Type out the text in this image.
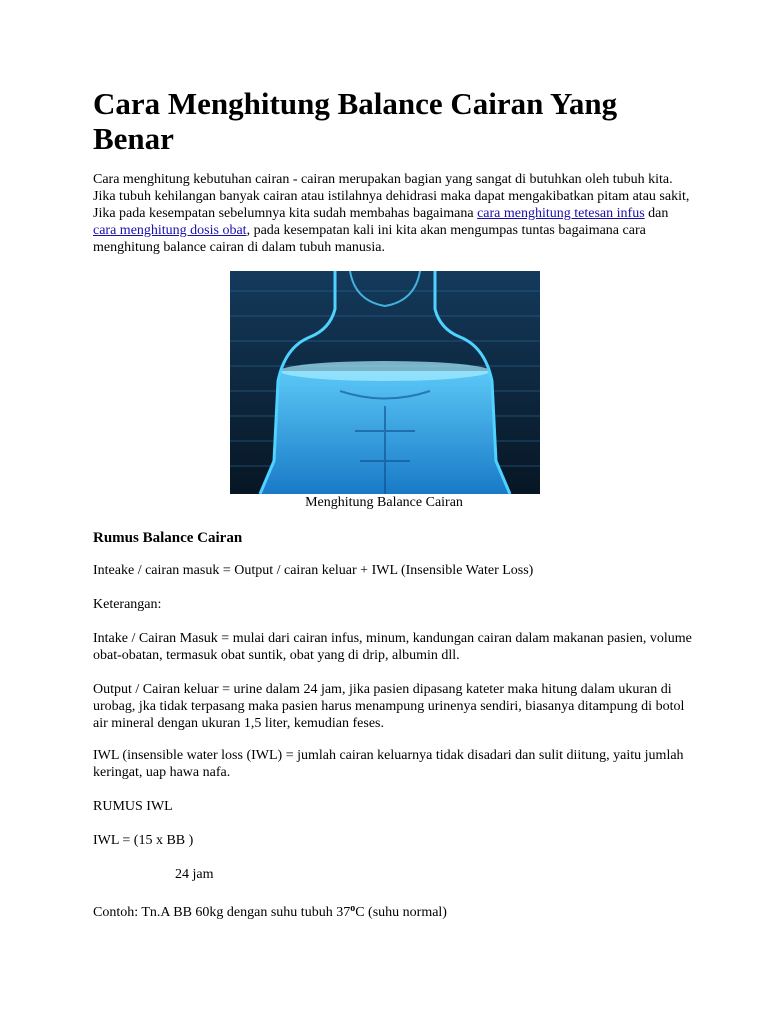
Cara Menghitung Balance Cairan Yang Benar

Cara menghitung kebutuhan cairan - cairan merupakan bagian yang sangat di butuhkan oleh tubuh kita. Jika tubuh kehilangan banyak cairan atau istilahnya dehidrasi maka dapat mengakibatkan pitam atau sakit, Jika pada kesempatan sebelumnya kita sudah membahas bagaimana cara menghitung tetesan infus dan cara menghitung dosis obat, pada kesempatan kali ini kita akan mengumpas tuntas bagaimana cara menghitung balance cairan di dalam tubuh manusia.

Menghitung Balance Cairan

Rumus Balance Cairan

Inteake / cairan masuk = Output / cairan keluar + IWL (Insensible Water Loss)

Keterangan:

Intake / Cairan Masuk = mulai dari cairan infus, minum, kandungan cairan dalam makanan pasien, volume obat-obatan, termasuk obat suntik, obat yang di drip, albumin dll.

Output / Cairan keluar = urine dalam 24 jam, jika pasien dipasang kateter maka hitung dalam ukuran di urobag, jka tidak terpasang maka pasien harus menampung urinenya sendiri, biasanya ditampung di botol air mineral dengan ukuran 1,5 liter, kemudian feses.

IWL (insensible water loss (IWL) = jumlah cairan keluarnya tidak disadari dan sulit diitung, yaitu jumlah keringat, uap hawa nafa.

RUMUS IWL

IWL = (15 x BB )

24 jam

Contoh: Tn.A BB 60kg dengan suhu tubuh 37$^o$C (suhu normal)
